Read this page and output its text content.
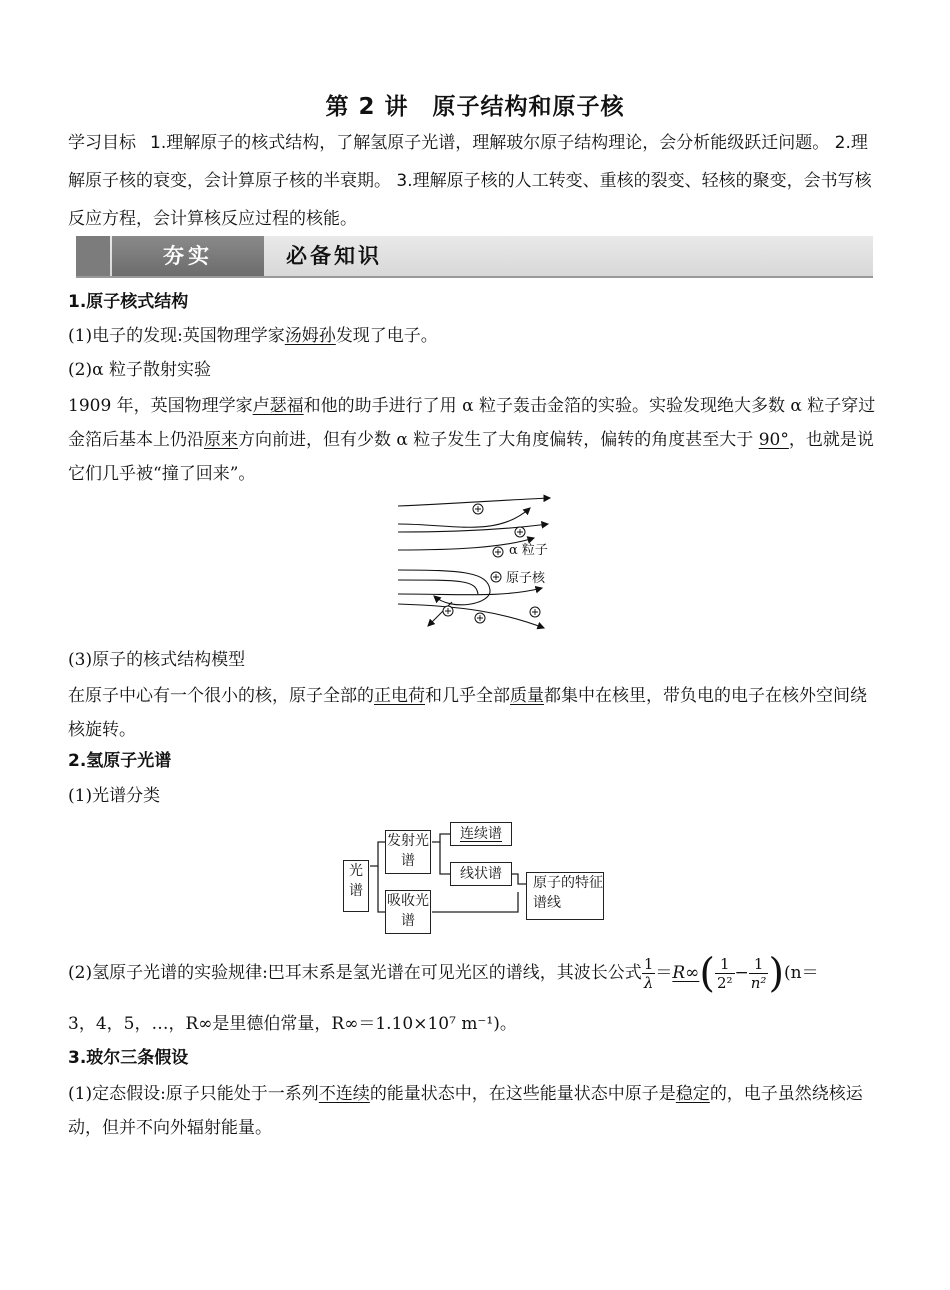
第 2 讲　原子结构和原子核
学习目标 1.理解原子的核式结构，了解氢原子光谱，理解玻尔原子结构理论，会分析能级跃迁问题。 2.理解原子核的衰变，会计算原子核的半衰期。 3.理解原子核的人工转变、重核的裂变、轻核的聚变，会书写核反应方程，会计算核反应过程的核能。
夯实	必备知识
1.原子核式结构
(1)电子的发现:英国物理学家汤姆孙发现了电子。
(2)α 粒子散射实验
1909 年，英国物理学家卢瑟福和他的助手进行了用 α 粒子轰击金箔的实验。实验发现绝大多数 α 粒子穿过金箔后基本上仍沿原来方向前进，但有少数 α 粒子发生了大角度偏转，偏转的角度甚至大于 90°，也就是说它们几乎被“撞了回来”。
α 粒子
原子核
(3)原子的核式结构模型
在原子中心有一个很小的核，原子全部的正电荷和几乎全部质量都集中在核里，带负电的电子在核外空间绕核旋转。
2.氢原子光谱
(1)光谱分类
光谱
发射光谱
吸收光谱
连续谱
线状谱
原子的特征谱线
(2)氢原子光谱的实验规律:巴耳末系是氢光谱在可见光区的谱线，其波长公式 $\frac{1}{\lambda} =R\infty( \frac{1}{\text{2²}} - \frac{1}{\text{n²}} )(n=$
3，4，5，…，R∞是里德伯常量，R∞＝1.10×10⁷ m⁻¹)。
3.玻尔三条假设
(1)定态假设:原子只能处于一系列不连续的能量状态中，在这些能量状态中原子是稳定的，电子虽然绕核运动，但并不向外辐射能量。
